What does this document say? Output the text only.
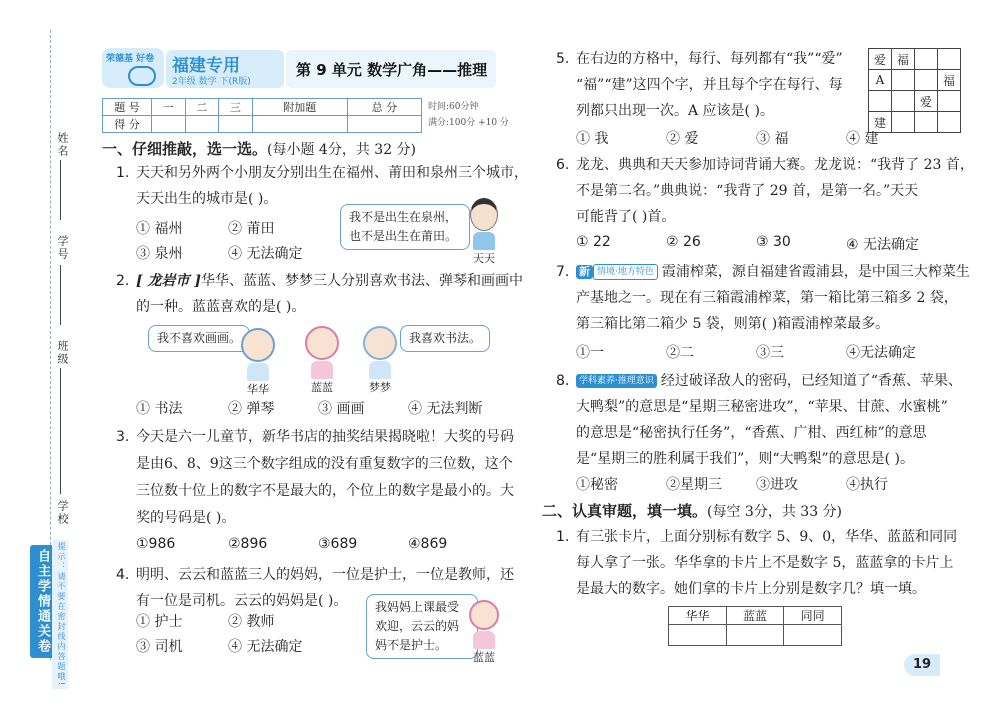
姓名
学号
班级
学校
自主学情通关卷 提示：请不要在密封线内答题哦!
荣德基 好卷 福建专用
2年级 数学 下(R版)
第 9 单元 数学广角——推理
题 号	一	二	三	附加题	总 分
得 分					
时间:60分钟
满分:100分 +10 分
一、仔细推敲，选一选。(每小题 4分，共 32 分)
1. 天天和另外两个小朋友分别出生在福州、莆田和泉州三个城市，
天天出生的城市是( )。
① 福州	② 莆田
③ 泉州	④ 无法确定
我不是出生在泉州，
也不是出生在莆田。
天天
2. [ 龙岩市 ]华华、蓝蓝、梦梦三人分别喜欢书法、弹琴和画画中
的一种。蓝蓝喜欢的是( )。
我不喜欢画画。	我喜欢书法。
华华	蓝蓝	梦梦
① 书法	② 弹琴	③ 画画	④ 无法判断
3. 今天是六一儿童节，新华书店的抽奖结果揭晓啦！大奖的号码
是由6、8、9这三个数字组成的没有重复数字的三位数，这个
三位数十位上的数字不是最大的，个位上的数字是最小的。大
奖的号码是( )。
①986	②896	③689	④869
4. 明明、云云和蓝蓝三人的妈妈，一位是护士，一位是教师，还
有一位是司机。云云的妈妈是( )。
① 护士	② 教师
③ 司机	④ 无法确定
我妈妈上课最受
欢迎，云云的妈
妈不是护士。
蓝蓝
5. 在右边的方格中，每行、每列都有“我”“爱”
“福”“建”这四个字，并且每个字在每行、每
列都只出现一次。A 应该是( )。
爱	福		
A			福
		爱	
建			
① 我	② 爱	③ 福	④ 建
6. 龙龙、典典和天天参加诗词背诵大赛。龙龙说：“我背了 23 首，
不是第二名。”典典说：“我背了 29 首，是第一名。”天天
可能背了( )首。
① 22	② 26	③ 30	④ 无法确定
7. 新 情境·地方特色 霞浦榨菜，源自福建省霞浦县，是中国三大榨菜生
产基地之一。现在有三箱霞浦榨菜，第一箱比第三箱多 2 袋，
第三箱比第二箱少 5 袋，则第( )箱霞浦榨菜最多。
①一	②二	③三	④无法确定
8.	学科素养·推理意识 经过破译敌人的密码，已经知道了“香蕉、苹果、
大鸭梨”的意思是“星期三秘密进攻”，“苹果、甘蔗、水蜜桃”
的意思是“秘密执行任务”，“香蕉、广柑、西红柿”的意思
是“星期三的胜利属于我们”，则“大鸭梨”的意思是( )。
①秘密	②星期三 ③进攻	④执行
二、认真审题，填一填。(每空 3分，共 33 分)
1. 有三张卡片，上面分别标有数字 5、9、0，华华、蓝蓝和同同
每人拿了一张。华华拿的卡片上不是数字 5，蓝蓝拿的卡片上
是最大的数字。她们拿的卡片上分别是数字几？填一填。
华华	蓝蓝	同同

19
